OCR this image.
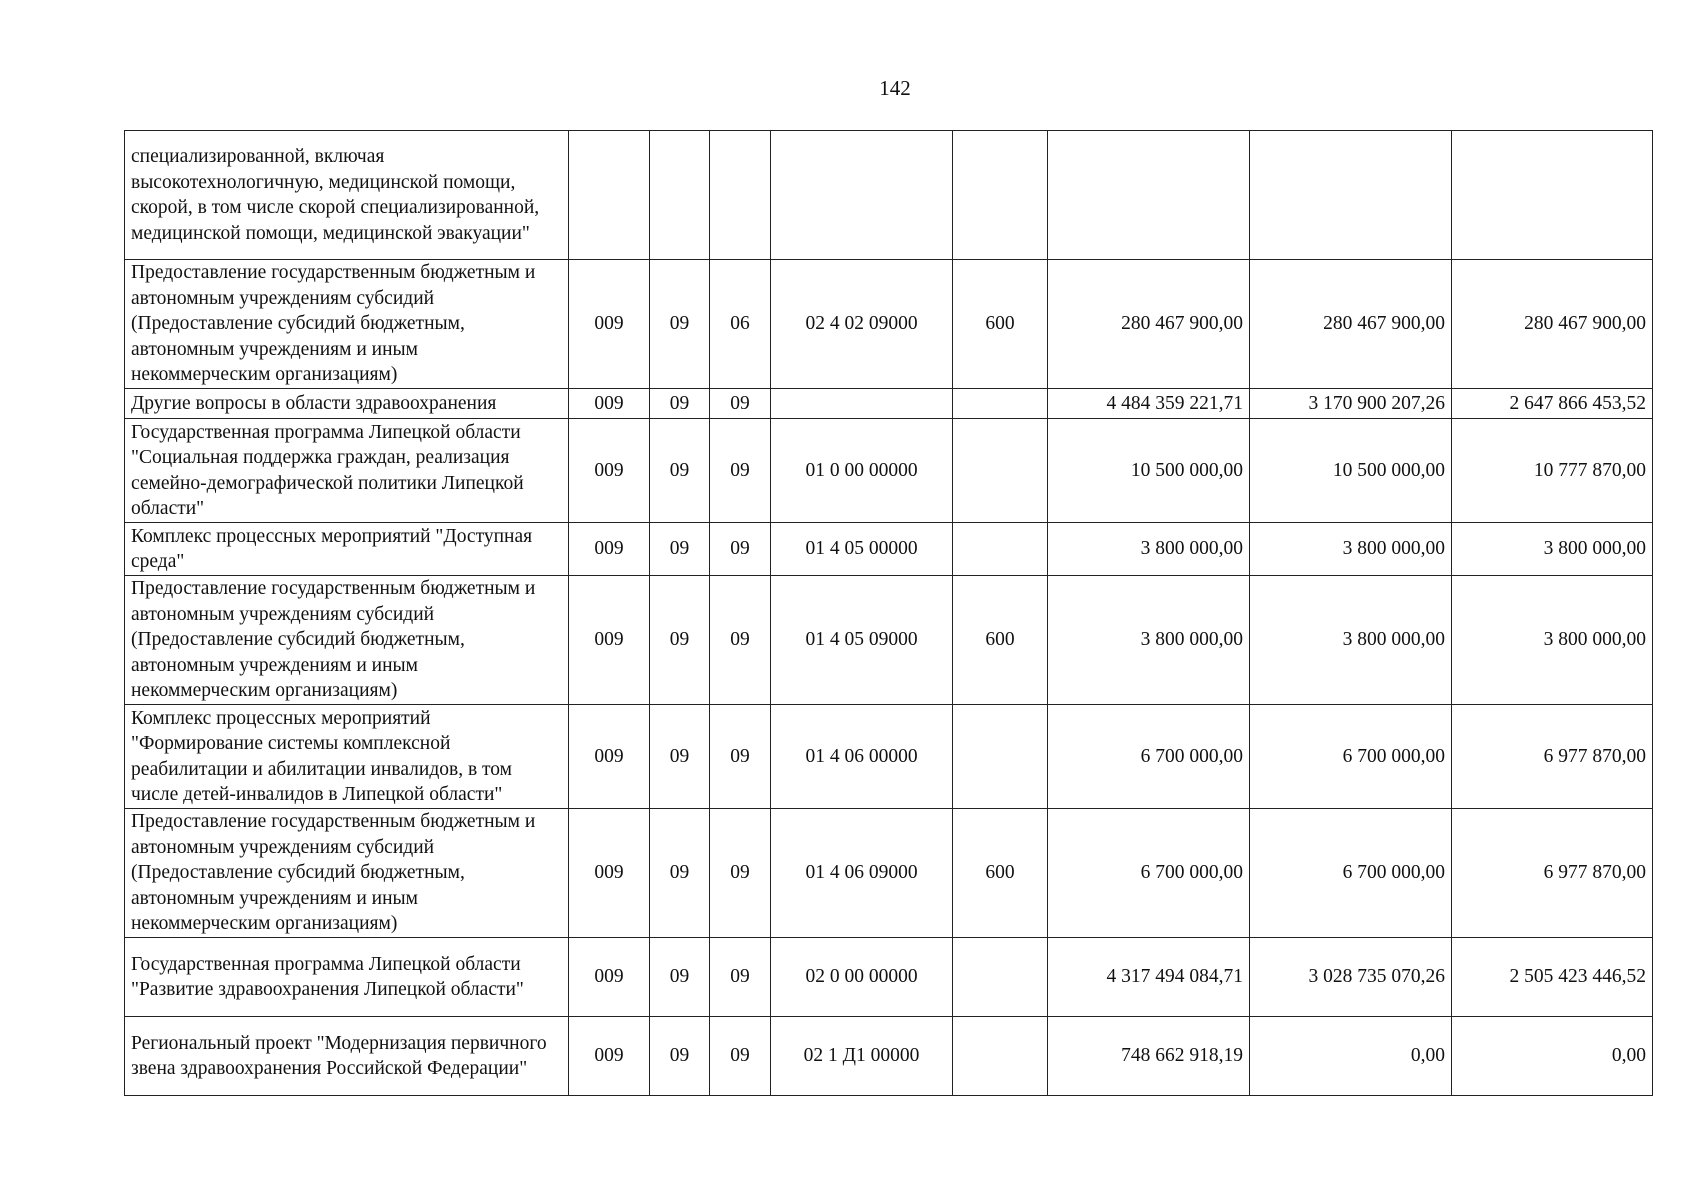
142
специализированной, включая высокотехнологичную, медицинской помощи, скорой, в том числе скорой специализированной, медицинской помощи, медицинской эвакуации"								
Предоставление государственным бюджетным и автономным учреждениям субсидий (Предоставление субсидий бюджетным, автономным учреждениям и иным некоммерческим организациям)	009	09	06	02 4 02 09000	600	280 467 900,00	280 467 900,00	280 467 900,00
Другие вопросы в области здравоохранения	009	09	09			4 484 359 221,71	3 170 900 207,26	2 647 866 453,52
Государственная программа Липецкой области "Социальная поддержка граждан, реализация семейно-демографической политики Липецкой области"	009	09	09	01 0 00 00000		10 500 000,00	10 500 000,00	10 777 870,00
Комплекс процессных мероприятий "Доступная среда"	009	09	09	01 4 05 00000		3 800 000,00	3 800 000,00	3 800 000,00
Предоставление государственным бюджетным и автономным учреждениям субсидий (Предоставление субсидий бюджетным, автономным учреждениям и иным некоммерческим организациям)	009	09	09	01 4 05 09000	600	3 800 000,00	3 800 000,00	3 800 000,00
Комплекс процессных мероприятий "Формирование системы комплексной реабилитации и абилитации инвалидов, в том числе детей-инвалидов в Липецкой области"	009	09	09	01 4 06 00000		6 700 000,00	6 700 000,00	6 977 870,00
Предоставление государственным бюджетным и автономным учреждениям субсидий (Предоставление субсидий бюджетным, автономным учреждениям и иным некоммерческим организациям)	009	09	09	01 4 06 09000	600	6 700 000,00	6 700 000,00	6 977 870,00
Государственная программа Липецкой области "Развитие здравоохранения Липецкой области"	009	09	09	02 0 00 00000		4 317 494 084,71	3 028 735 070,26	2 505 423 446,52
Региональный проект "Модернизация первичного звена здравоохранения Российской Федерации"	009	09	09	02 1 Д1 00000		748 662 918,19	0,00	0,00
